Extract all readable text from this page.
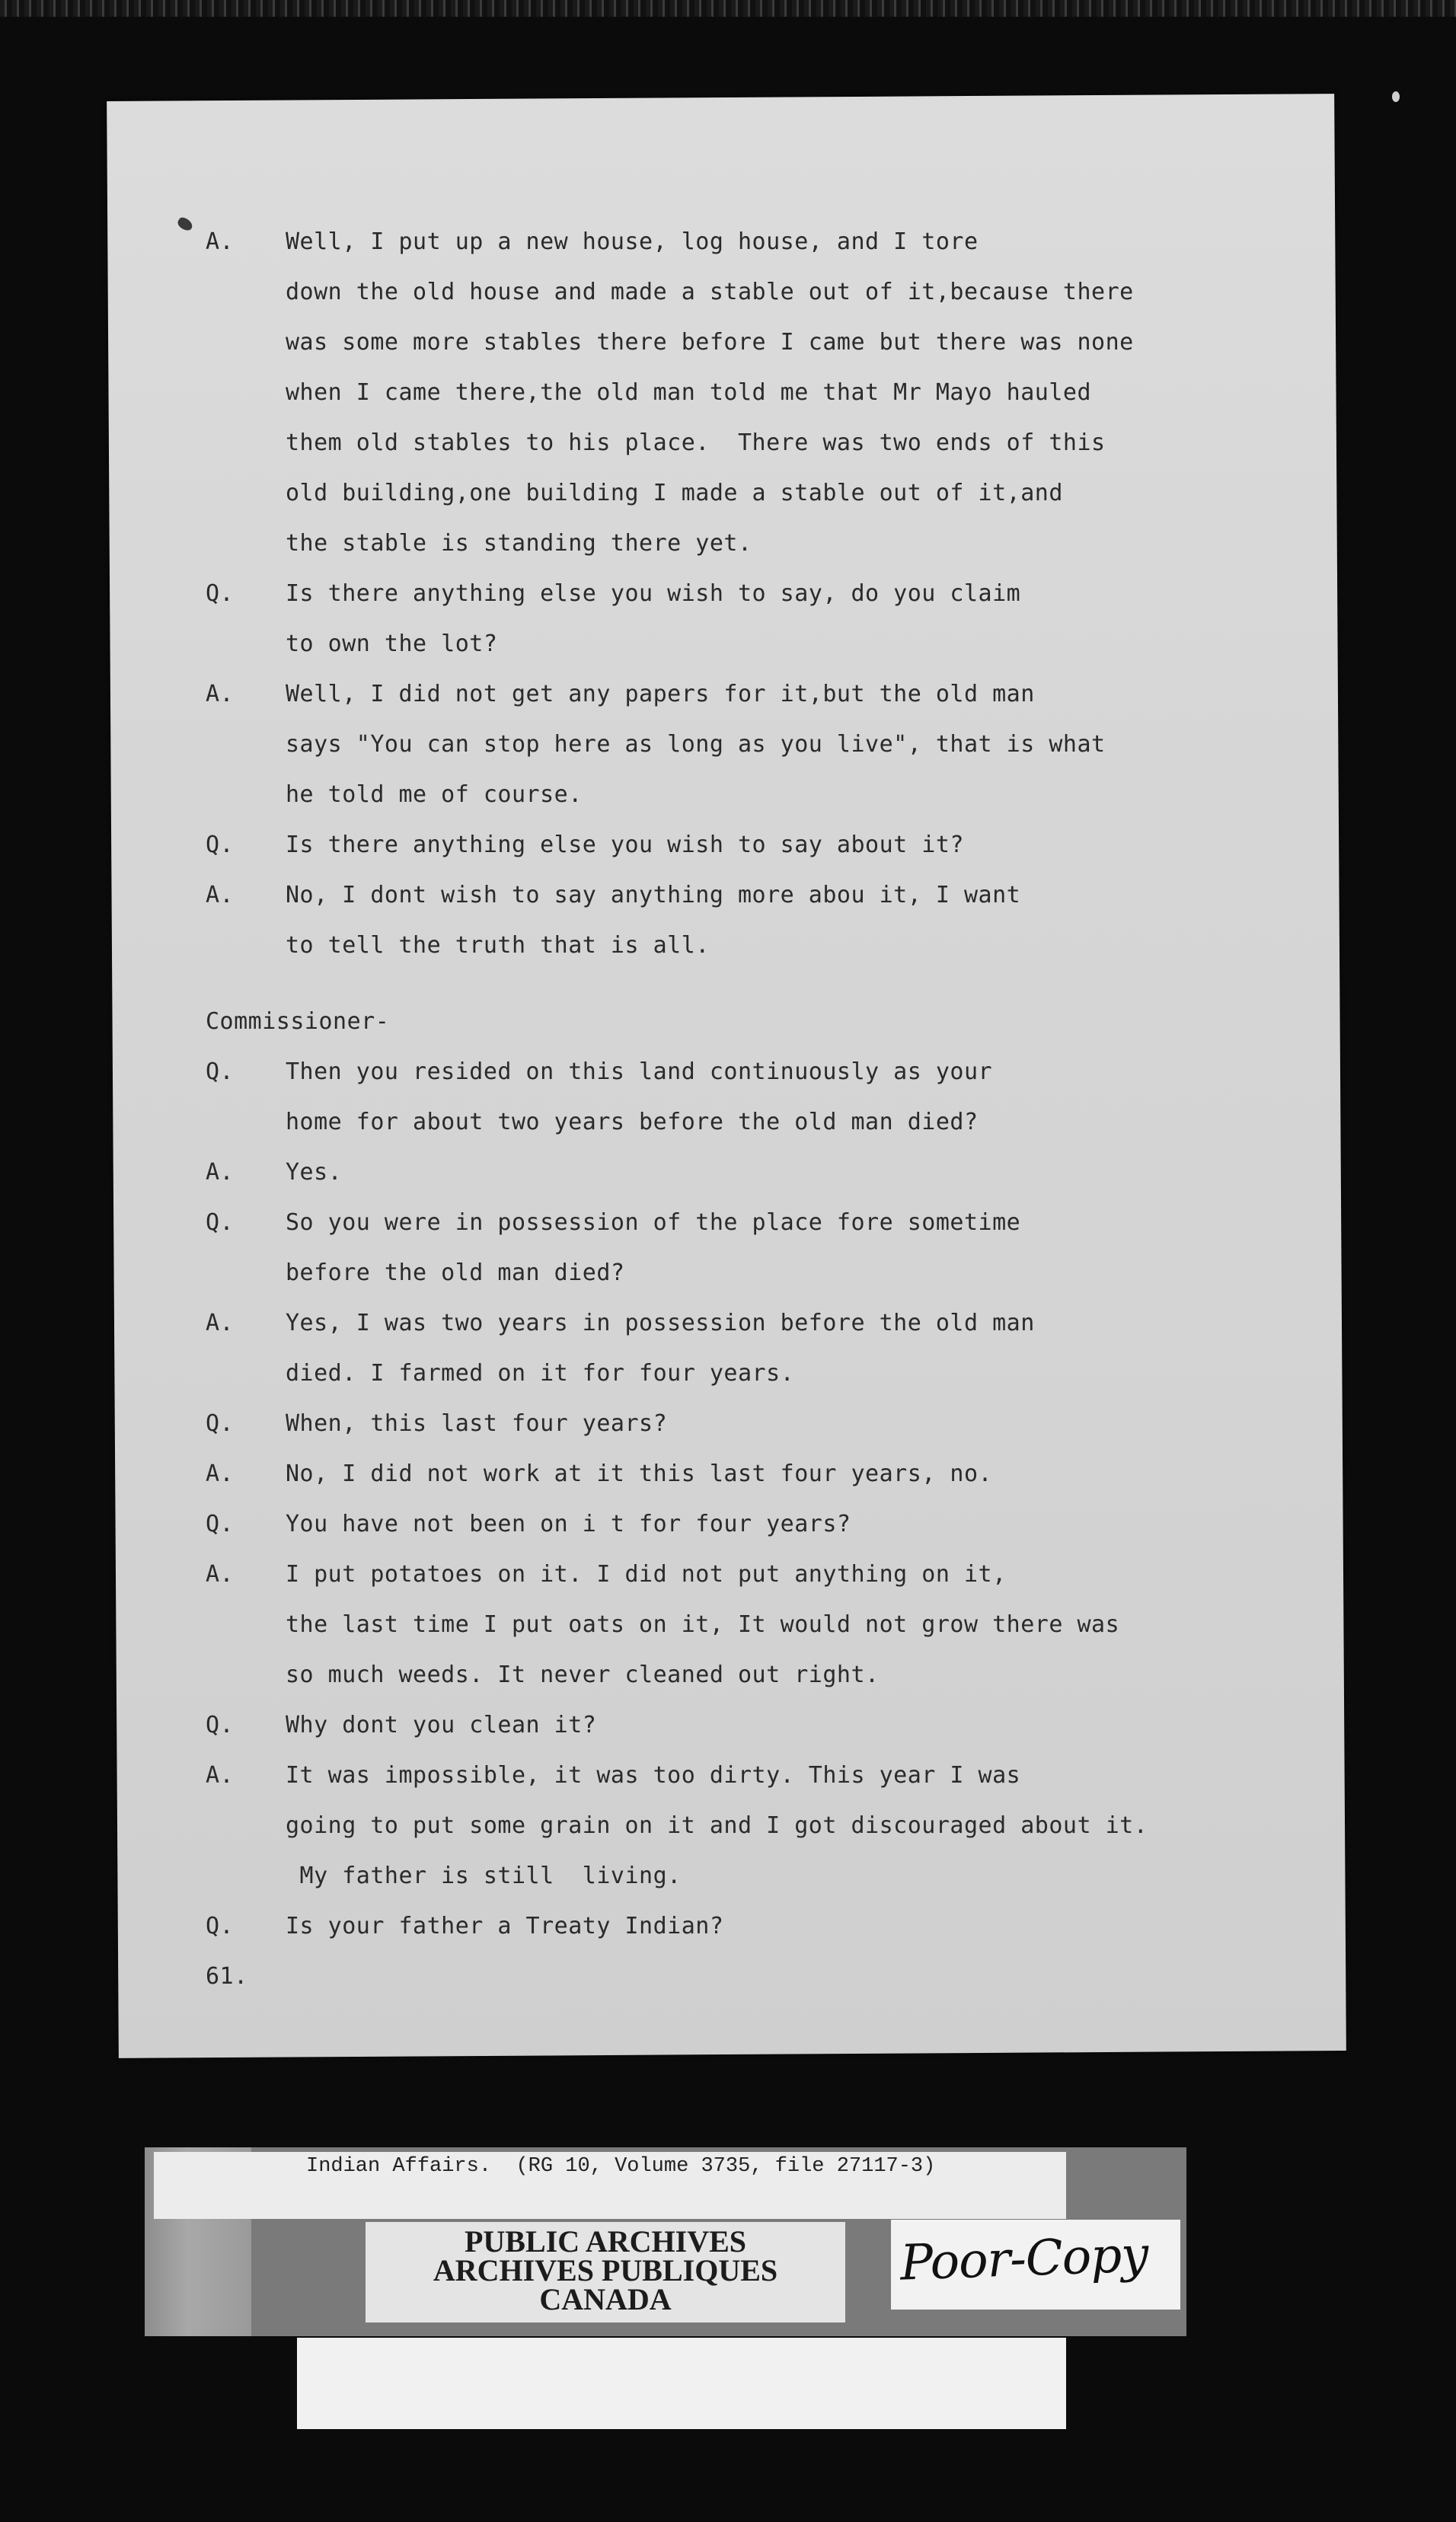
A. Well, I put up a new house, log house, and I tore
down the old house and made a stable out of it,because there
was some more stables there before I came but there was none
when I came there,the old man told me that Mr Mayo hauled
them old stables to his place.  There was two ends of this
old building,one building I made a stable out of it,and
the stable is standing there yet.
Q. Is there anything else you wish to say, do you claim
to own the lot?
A. Well, I did not get any papers for it,but the old man
says "You can stop here as long as you live", that is what
he told me of course.
Q. Is there anything else you wish to say about it?
A. No, I dont wish to say anything more abou it, I want
to tell the truth that is all.
Commissioner-
Q. Then you resided on this land continuously as your
home for about two years before the old man died?
A. Yes.
Q. So you were in possession of the place fore sometime
before the old man died?
A. Yes, I was two years in possession before the old man
died. I farmed on it for four years.
Q. When, this last four years?
A. No, I did not work at it this last four years, no.
Q. You have not been on i t for four years?
A. I put potatoes on it. I did not put anything on it,
the last time I put oats on it, It would not grow there was
so much weeds. It never cleaned out right.
Q. Why dont you clean it?
A. It was impossible, it was too dirty. This year I was
going to put some grain on it and I got discouraged about it.
My father is still  living.
Q. Is your father a Treaty Indian?
61.
Indian Affairs.  (RG 10, Volume 3735, file 27117-3)
PUBLIC ARCHIVES
ARCHIVES PUBLIQUES
CANADA
Poor-Copy
